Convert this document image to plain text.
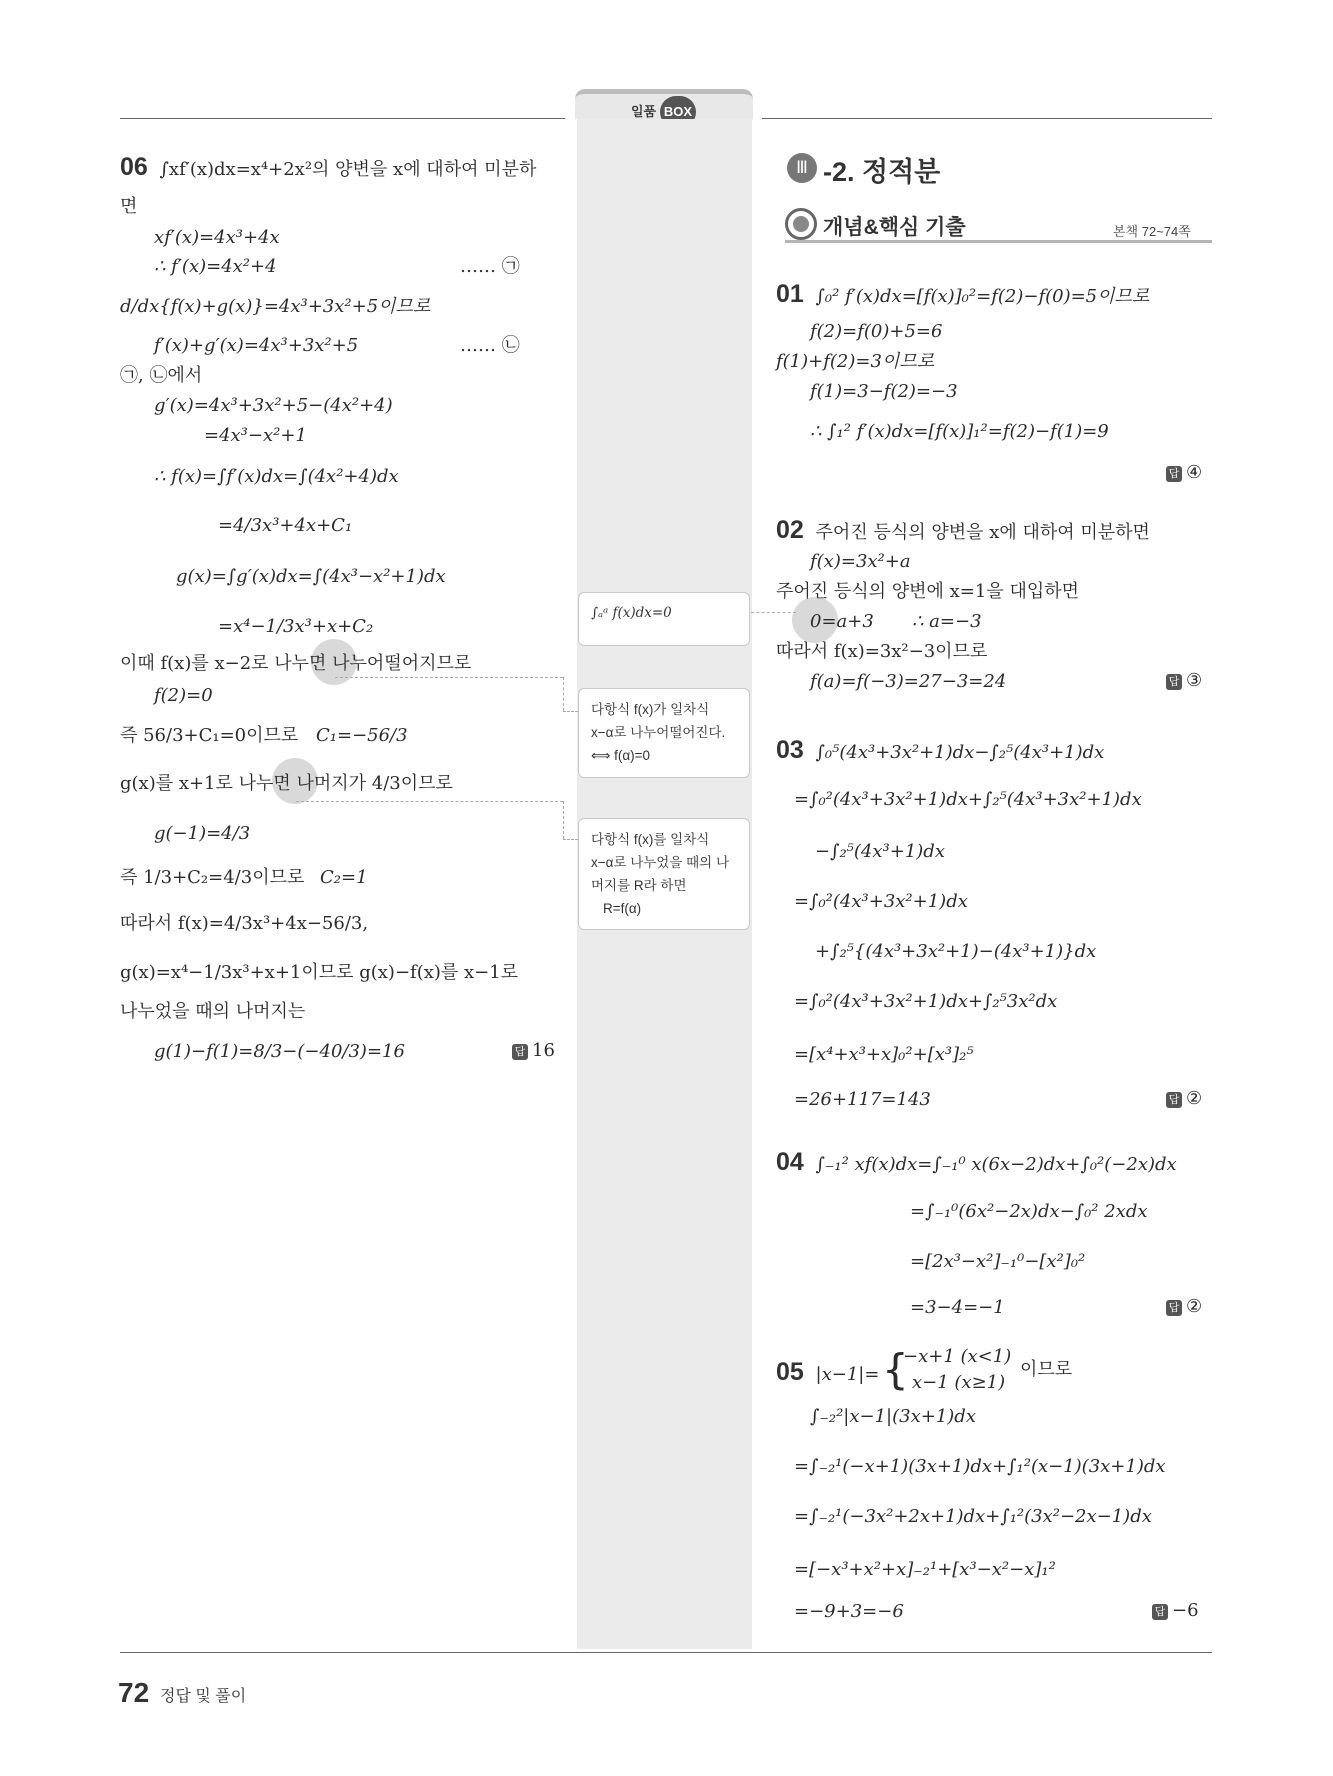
일품 BOX
∫ₐᵃ f(x)dx=0
다항식 f(x)가 일차식
x−α로 나누어떨어진다.
⟺ f(α)=0
다항식 f(x)를 일차식
x−α로 나누었을 때의 나
머지를 R라 하면
R=f(α)
06 ∫xf′(x)dx=x⁴+2x²의 양변을 x에 대하여 미분하
면
xf′(x)=4x³+4x
∴ f′(x)=4x²+4	…… ㉠
d/dx{f(x)+g(x)}=4x³+3x²+5이므로
f′(x)+g′(x)=4x³+3x²+5	…… ㉡
㉠, ㉡에서
g′(x)=4x³+3x²+5−(4x²+4)
=4x³−x²+1
∴ f(x)=∫f′(x)dx=∫(4x²+4)dx
=4/3x³+4x+C₁
g(x)=∫g′(x)dx=∫(4x³−x²+1)dx
=x⁴−1/3x³+x+C₂
이때 f(x)를 x−2로 나누면 나누어떨어지므로
f(2)=0
즉 56/3+C₁=0이므로 C₁=−56/3
g(x)를 x+1로 나누면 나머지가 4/3이므로
g(−1)=4/3
즉 1/3+C₂=4/3이므로 C₂=1
따라서 f(x)=4/3x³+4x−56/3,
g(x)=x⁴−1/3x³+x+1이므로 g(x)−f(x)를 x−1로
나누었을 때의 나머지는
g(1)−f(1)=8/3−(−40/3)=16	답 16
Ⅲ -2. 정적분
개념&핵심 기출	본책 72~74쪽
01 ∫₀² f′(x)dx=[f(x)]₀²=f(2)−f(0)=5이므로
f(2)=f(0)+5=6
f(1)+f(2)=3이므로
f(1)=3−f(2)=−3
∴ ∫₁² f′(x)dx=[f(x)]₁²=f(2)−f(1)=9
답 ④
02 주어진 등식의 양변을 x에 대하여 미분하면
f(x)=3x²+a
주어진 등식의 양변에 x=1을 대입하면
0=a+3 ∴ a=−3
따라서 f(x)=3x²−3이므로
f(a)=f(−3)=27−3=24	답 ③
03 ∫₀⁵(4x³+3x²+1)dx−∫₂⁵(4x³+1)dx
=∫₀²(4x³+3x²+1)dx+∫₂⁵(4x³+3x²+1)dx
−∫₂⁵(4x³+1)dx
=∫₀²(4x³+3x²+1)dx
+∫₂⁵{(4x³+3x²+1)−(4x³+1)}dx
=∫₀²(4x³+3x²+1)dx+∫₂⁵3x²dx
=[x⁴+x³+x]₀²+[x³]₂⁵
=26+117=143	답 ②
04 ∫₋₁² xf(x)dx=∫₋₁⁰ x(6x−2)dx+∫₀²(−2x)dx
=∫₋₁⁰(6x²−2x)dx−∫₀² 2xdx
=[2x³−x²]₋₁⁰−[x²]₀²
=3−4=−1	답 ②
05 |x−1|= {
−x+1 (x<1)
x−1 (x≥1)
이므로
∫₋₂²|x−1|(3x+1)dx
=∫₋₂¹(−x+1)(3x+1)dx+∫₁²(x−1)(3x+1)dx
=∫₋₂¹(−3x²+2x+1)dx+∫₁²(3x²−2x−1)dx
=[−x³+x²+x]₋₂¹+[x³−x²−x]₁²
=−9+3=−6	답 −6
72 정답 및 풀이
